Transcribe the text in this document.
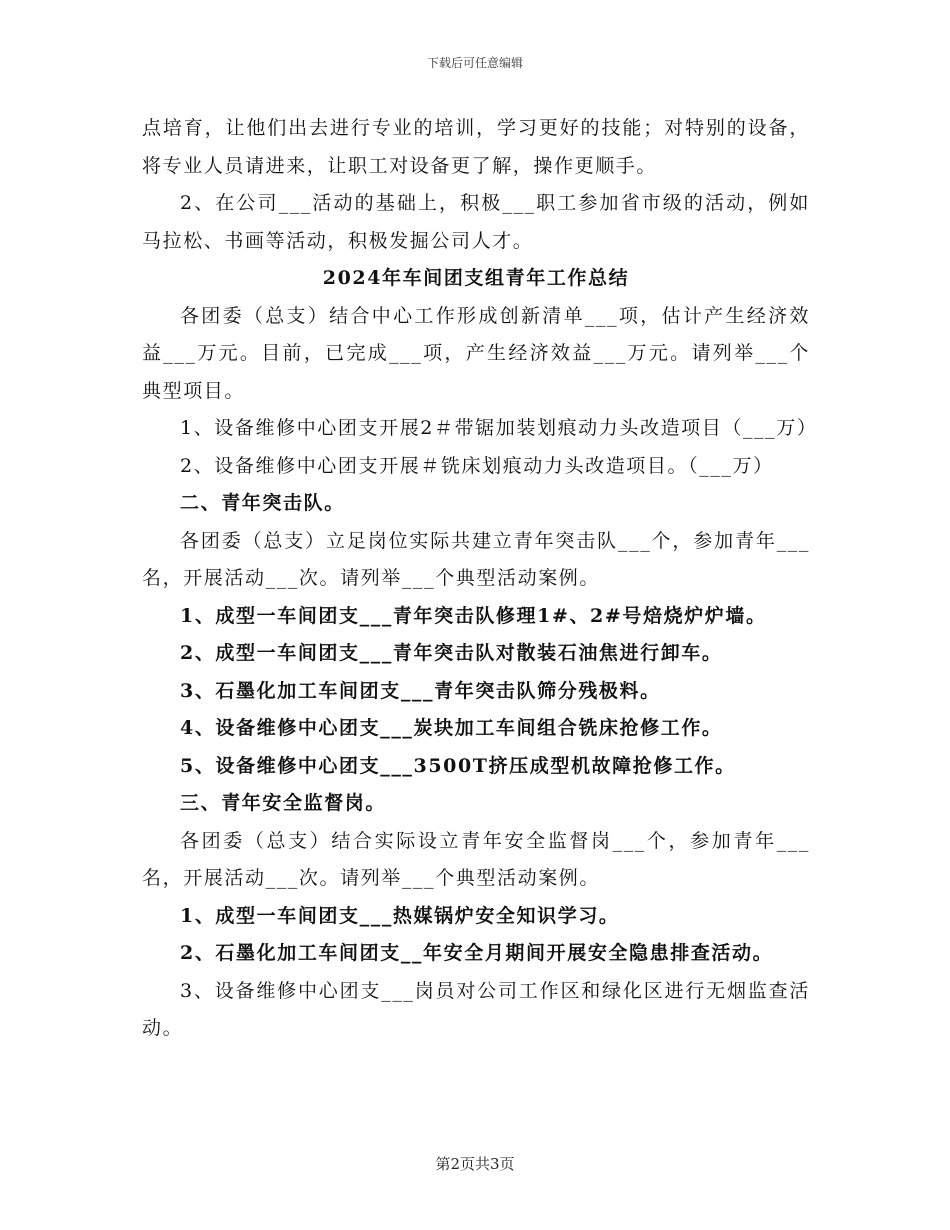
下载后可任意编辑

点培育，让他们出去进行专业的培训，学习更好的技能；对特别的设备，将专业人员请进来，让职工对设备更了解，操作更顺手。

2、在公司___活动的基础上，积极___职工参加省市级的活动，例如马拉松、书画等活动，积极发掘公司人才。

2024年车间团支组青年工作总结

各团委（总支）结合中心工作形成创新清单___项，估计产生经济效益___万元。目前，已完成___项，产生经济效益___万元。请列举___个典型项目。

1、设备维修中心团支开展2＃带锯加装划痕动力头改造项目（___万）

2、设备维修中心团支开展＃铣床划痕动力头改造项目。（___万）

二、青年突击队。

各团委（总支）立足岗位实际共建立青年突击队___个，参加青年___名，开展活动___次。请列举___个典型活动案例。

1、成型一车间团支___青年突击队修理1#、2#号焙烧炉炉墙。

2、成型一车间团支___青年突击队对散装石油焦进行卸车。

3、石墨化加工车间团支___青年突击队筛分残极料。

4、设备维修中心团支___炭块加工车间组合铣床抢修工作。

5、设备维修中心团支___3500T挤压成型机故障抢修工作。

三、青年安全监督岗。

各团委（总支）结合实际设立青年安全监督岗___个，参加青年___名，开展活动___次。请列举___个典型活动案例。

1、成型一车间团支___热媒锅炉安全知识学习。

2、石墨化加工车间团支__年安全月期间开展安全隐患排查活动。

3、设备维修中心团支___岗员对公司工作区和绿化区进行无烟监查活动。

第2页共3页
